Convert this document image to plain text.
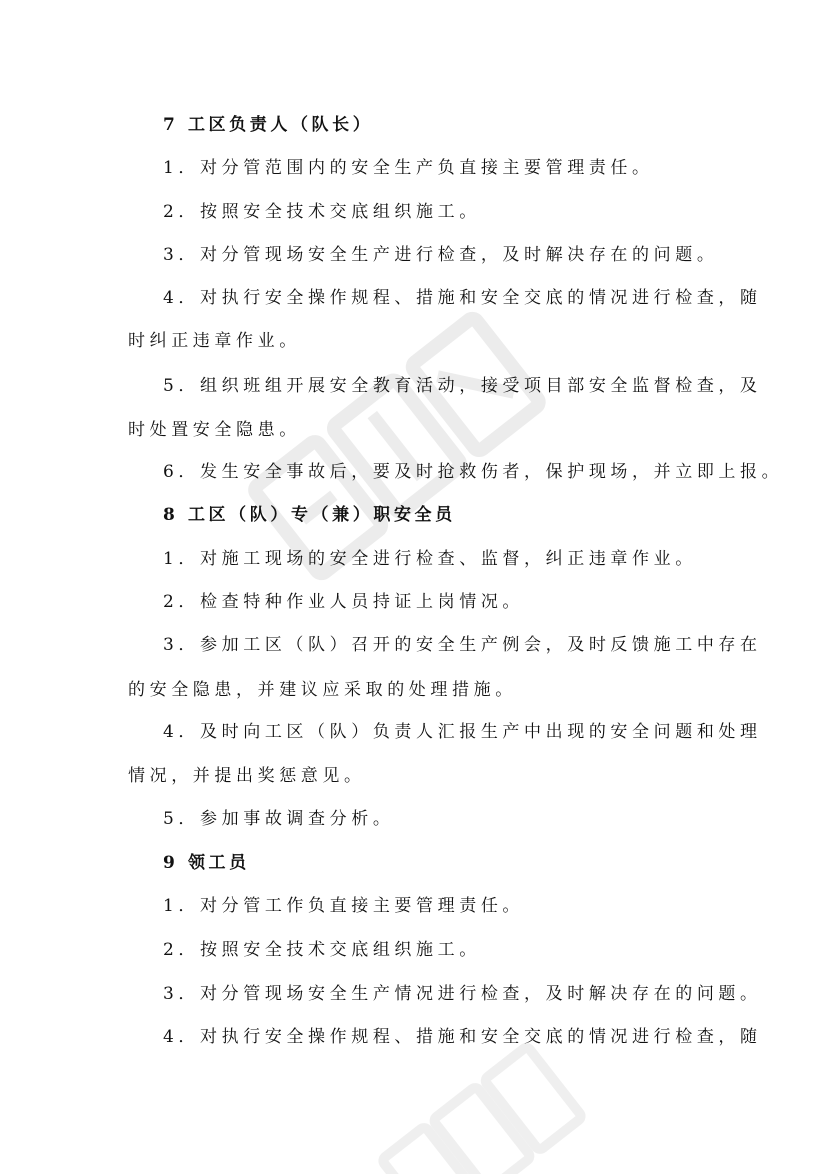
7 工区负责人（队长）
1．对分管范围内的安全生产负直接主要管理责任。
2．按照安全技术交底组织施工。
3．对分管现场安全生产进行检查，及时解决存在的问题。
4．对执行安全操作规程、措施和安全交底的情况进行检查，随
时纠正违章作业。
5．组织班组开展安全教育活动，接受项目部安全监督检查，及
时处置安全隐患。
6．发生安全事故后，要及时抢救伤者，保护现场，并立即上报。
8 工区（队）专（兼）职安全员
1．对施工现场的安全进行检查、监督，纠正违章作业。
2．检查特种作业人员持证上岗情况。
3．参加工区（队）召开的安全生产例会，及时反馈施工中存在
的安全隐患，并建议应采取的处理措施。
4．及时向工区（队）负责人汇报生产中出现的安全问题和处理
情况，并提出奖惩意见。
5．参加事故调查分析。
9 领工员
1．对分管工作负直接主要管理责任。
2．按照安全技术交底组织施工。
3．对分管现场安全生产情况进行检查，及时解决存在的问题。
4．对执行安全操作规程、措施和安全交底的情况进行检查，随
